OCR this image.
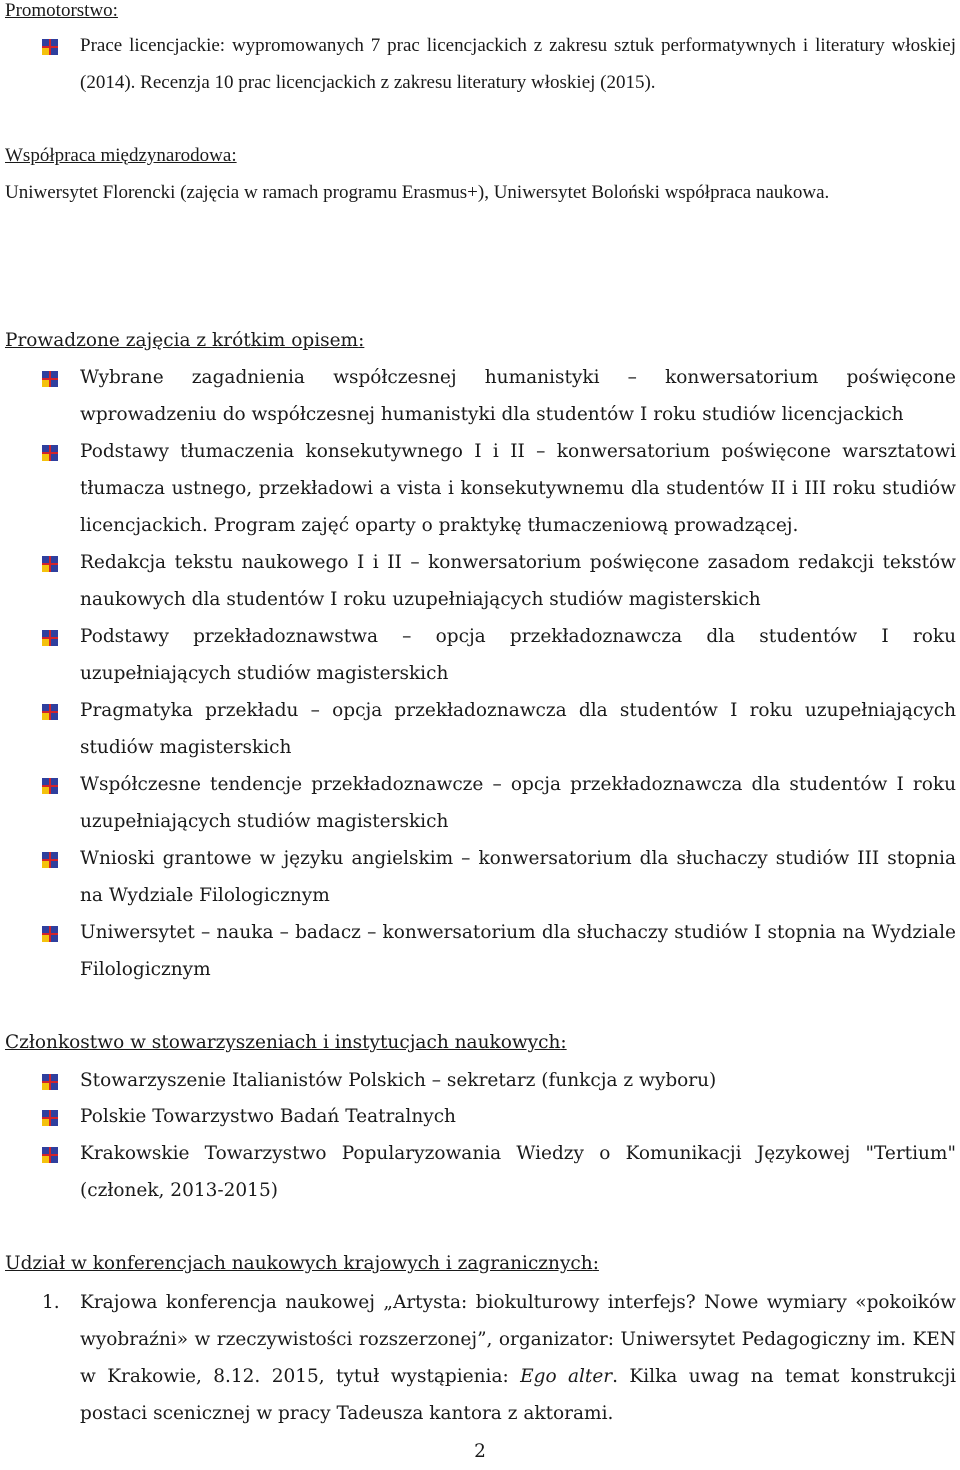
Promotorstwo:
Prace licencjackie: wypromowanych 7 prac licencjackich z zakresu sztuk performatywnych i literatury włoskiej (2014). Recenzja 10 prac licencjackich z zakresu literatury włoskiej (2015).
Współpraca międzynarodowa:
Uniwersytet Florencki (zajęcia w ramach programu Erasmus+), Uniwersytet Boloński współpraca naukowa.
Prowadzone zajęcia z krótkim opisem:
Wybrane zagadnienia współczesnej humanistyki – konwersatorium poświęcone wprowadzeniu do współczesnej humanistyki dla studentów I roku studiów licencjackich
Podstawy tłumaczenia konsekutywnego I i II – konwersatorium poświęcone warsztatowi tłumacza ustnego, przekładowi a vista i konsekutywnemu dla studentów II i III roku studiów licencjackich. Program zajęć oparty o praktykę tłumaczeniową prowadzącej.
Redakcja tekstu naukowego I i II – konwersatorium poświęcone zasadom redakcji tekstów naukowych dla studentów I roku uzupełniających studiów magisterskich
Podstawy przekładoznawstwa – opcja przekładoznawcza dla studentów I roku uzupełniających studiów magisterskich
Pragmatyka przekładu – opcja przekładoznawcza dla studentów I roku uzupełniających studiów magisterskich
Współczesne tendencje przekładoznawcze – opcja przekładoznawcza dla studentów I roku uzupełniających studiów magisterskich
Wnioski grantowe w języku angielskim – konwersatorium dla słuchaczy studiów III stopnia na Wydziale Filologicznym
Uniwersytet – nauka – badacz – konwersatorium dla słuchaczy studiów I stopnia na Wydziale Filologicznym
Członkostwo w stowarzyszeniach i instytucjach naukowych:
Stowarzyszenie Italianistów Polskich – sekretarz (funkcja z wyboru)
Polskie Towarzystwo Badań Teatralnych
Krakowskie Towarzystwo Popularyzowania Wiedzy o Komunikacji Językowej "Tertium" (członek, 2013-2015)
Udział w konferencjach naukowych krajowych i zagranicznych:
1. Krajowa konferencja naukowej „Artysta: biokulturowy interfejs? Nowe wymiary «pokoików wyobraźni» w rzeczywistości rozszerzonej”, organizator: Uniwersytet Pedagogiczny im. KEN w Krakowie, 8.12. 2015, tytuł wystąpienia: Ego alter. Kilka uwag na temat konstrukcji postaci scenicznej w pracy Tadeusza kantora z aktorami.
2
